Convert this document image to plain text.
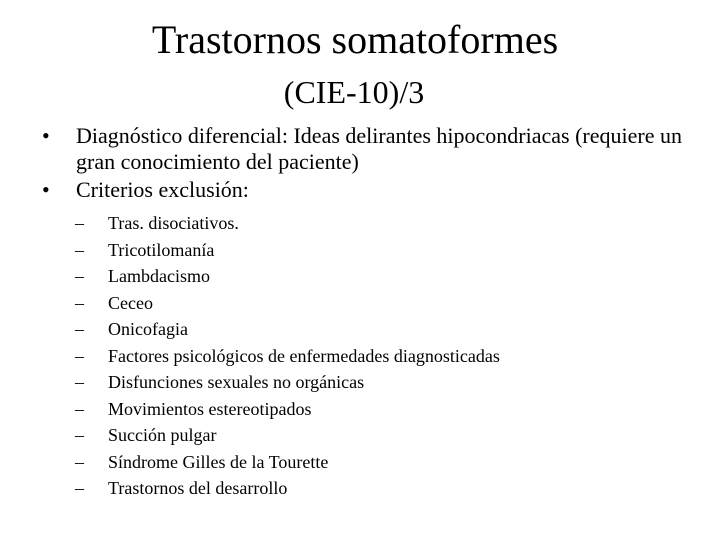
Trastornos somatoformes
(CIE-10)/3
• Diagnóstico diferencial: Ideas delirantes hipocondriacas (requiere un gran conocimiento del paciente)
• Criterios exclusión:
– Tras. disociativos.
– Tricotilomanía
– Lambdacismo
– Ceceo
– Onicofagia
– Factores psicológicos de enfermedades diagnosticadas
– Disfunciones sexuales no orgánicas
– Movimientos estereotipados
– Succión pulgar
– Síndrome Gilles de la Tourette
– Trastornos del desarrollo
